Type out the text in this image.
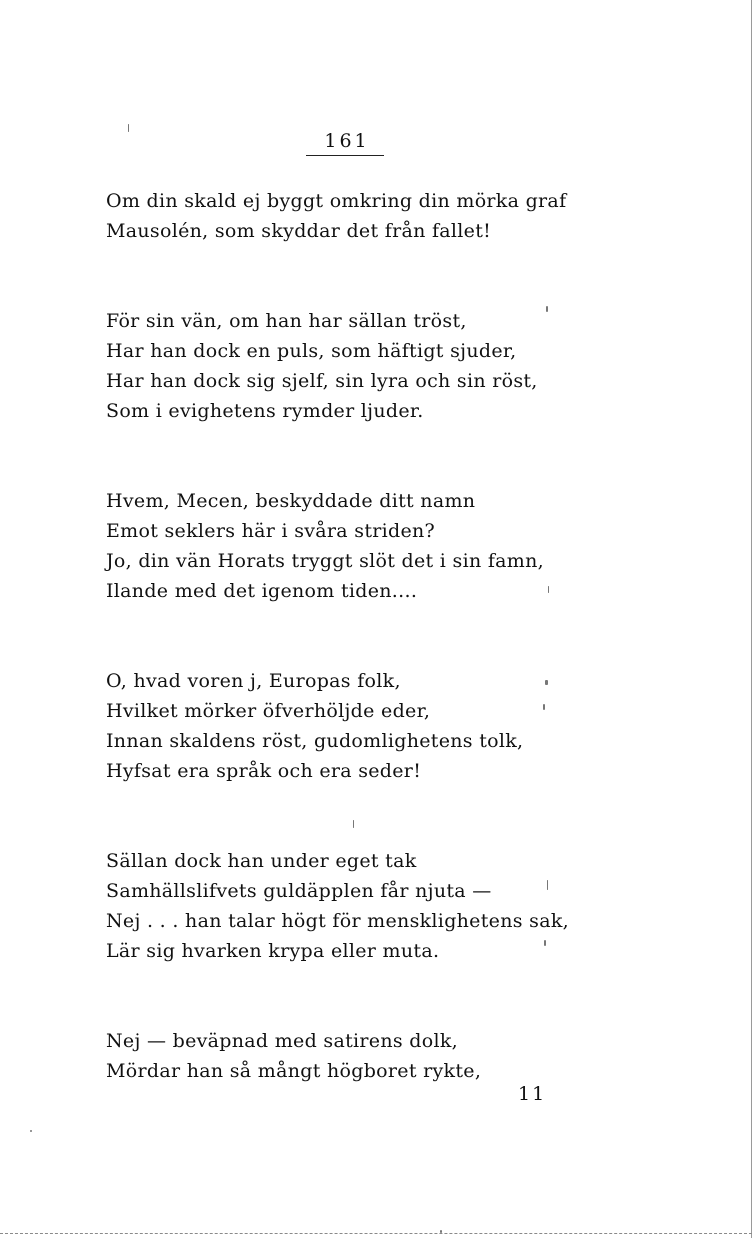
161
Om din skald ej byggt omkring din mörka graf
Mausolén, som skyddar det från fallet!
För sin vän, om han har sällan tröst,
Har han dock en puls, som häftigt sjuder,
Har han dock sig sjelf, sin lyra och sin röst,
Som i evighetens rymder ljuder.
Hvem, Mecen, beskyddade ditt namn
Emot seklers här i svåra striden?
Jo, din vän Horats tryggt slöt det i sin famn,
Ilande med det igenom tiden....
O, hvad voren j, Europas folk,
Hvilket mörker öfverhöljde eder,
Innan skaldens röst, gudomlighetens tolk,
Hyfsat era språk och era seder!
Sällan dock han under eget tak
Samhällslifvets guldäpplen får njuta —
Nej . . . han talar högt för mensklighetens sak,
Lär sig hvarken krypa eller muta.
Nej — beväpnad med satirens dolk,
Mördar han så mångt högboret rykte,
11
